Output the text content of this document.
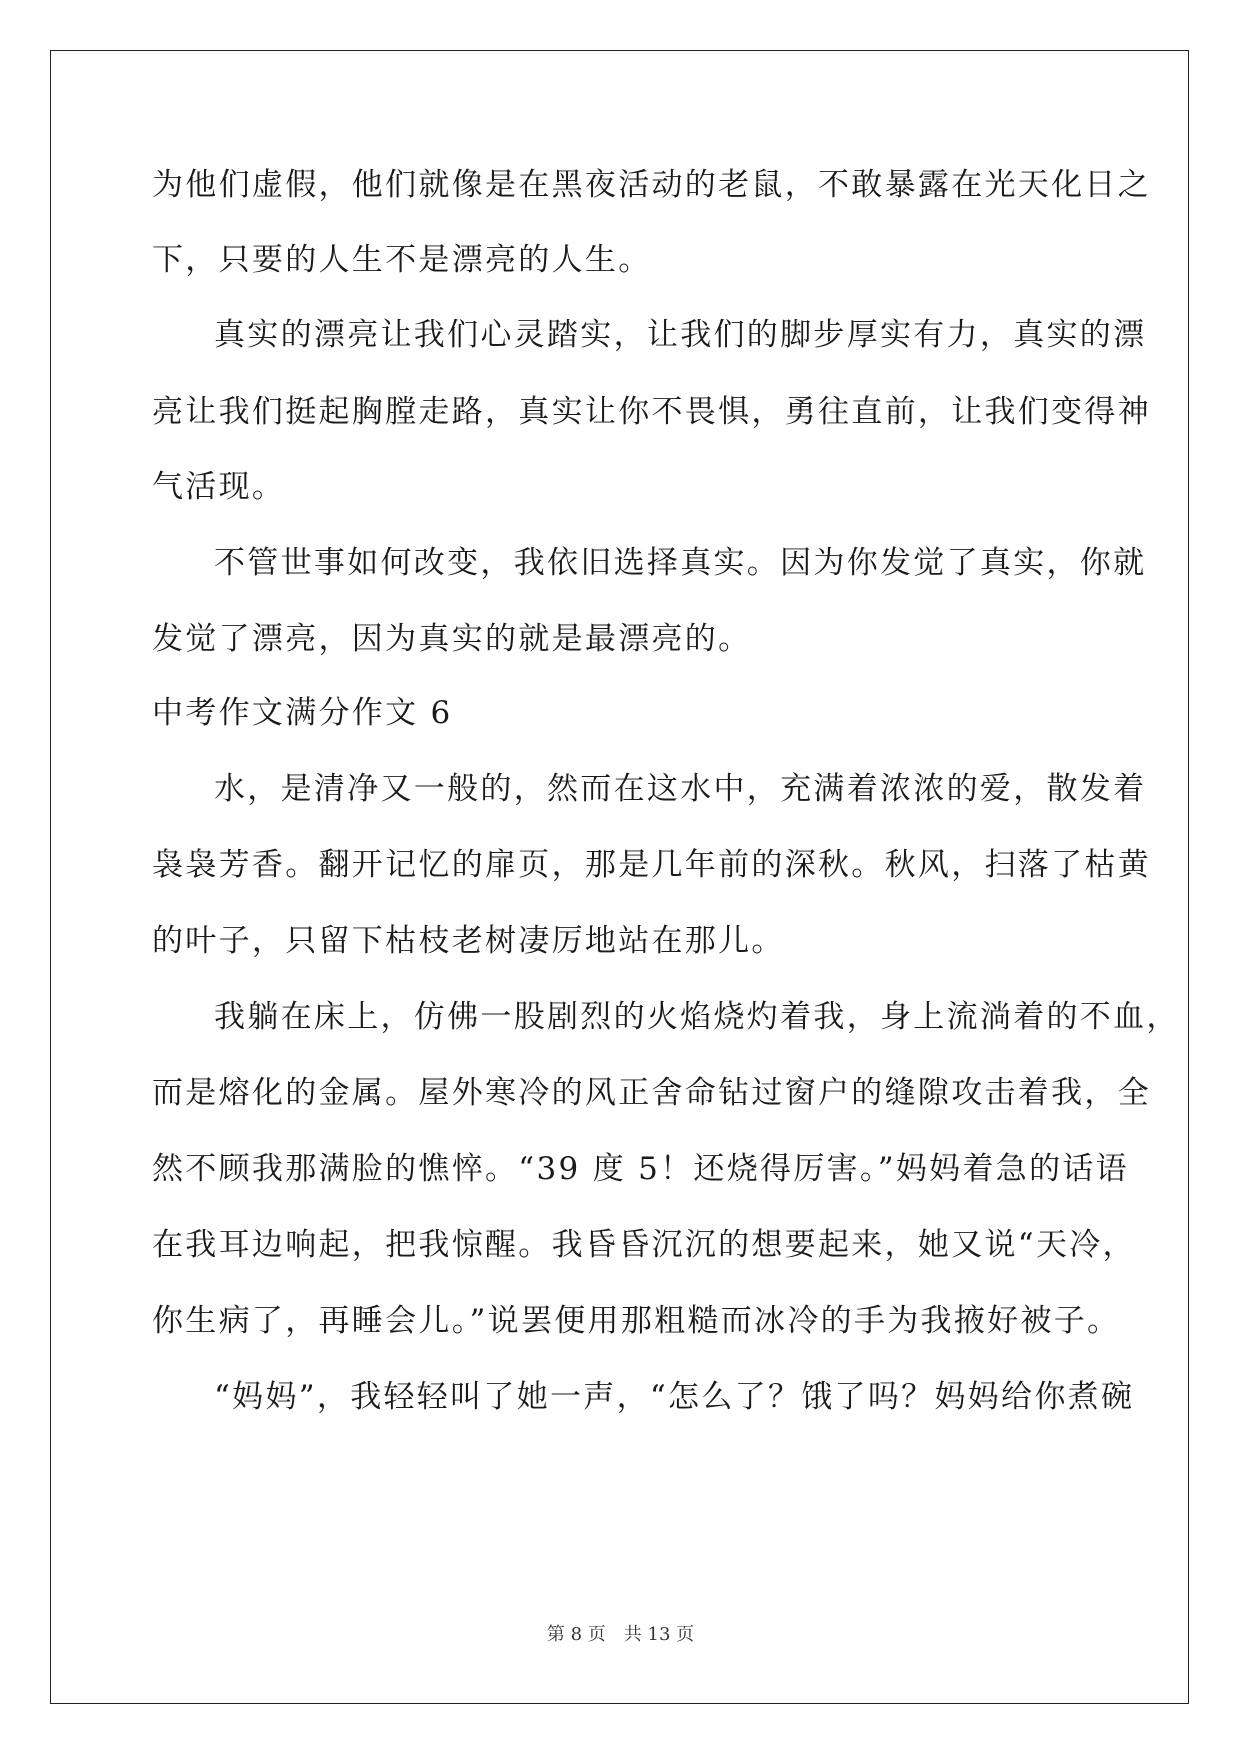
为他们虚假，他们就像是在黑夜活动的老鼠，不敢暴露在光天化日之
下，只要的人生不是漂亮的人生。
真实的漂亮让我们心灵踏实，让我们的脚步厚实有力，真实的漂
亮让我们挺起胸膛走路，真实让你不畏惧，勇往直前，让我们变得神
气活现。
不管世事如何改变，我依旧选择真实。因为你发觉了真实，你就
发觉了漂亮，因为真实的就是最漂亮的。
中考作文满分作文 6
水，是清净又一般的，然而在这水中，充满着浓浓的爱，散发着
袅袅芳香。翻开记忆的扉页，那是几年前的深秋。秋风，扫落了枯黄
的叶子，只留下枯枝老树凄厉地站在那儿。
我躺在床上，仿佛一股剧烈的火焰烧灼着我，身上流淌着的不血，
而是熔化的金属。屋外寒冷的风正舍命钻过窗户的缝隙攻击着我，全
然不顾我那满脸的憔悴。“39 度 5！还烧得厉害。”妈妈着急的话语
在我耳边响起，把我惊醒。我昏昏沉沉的想要起来，她又说“天冷，
你生病了，再睡会儿。”说罢便用那粗糙而冰冷的手为我掖好被子。
“妈妈”，我轻轻叫了她一声，“怎么了？饿了吗？妈妈给你煮碗
第 8 页 共 13 页
